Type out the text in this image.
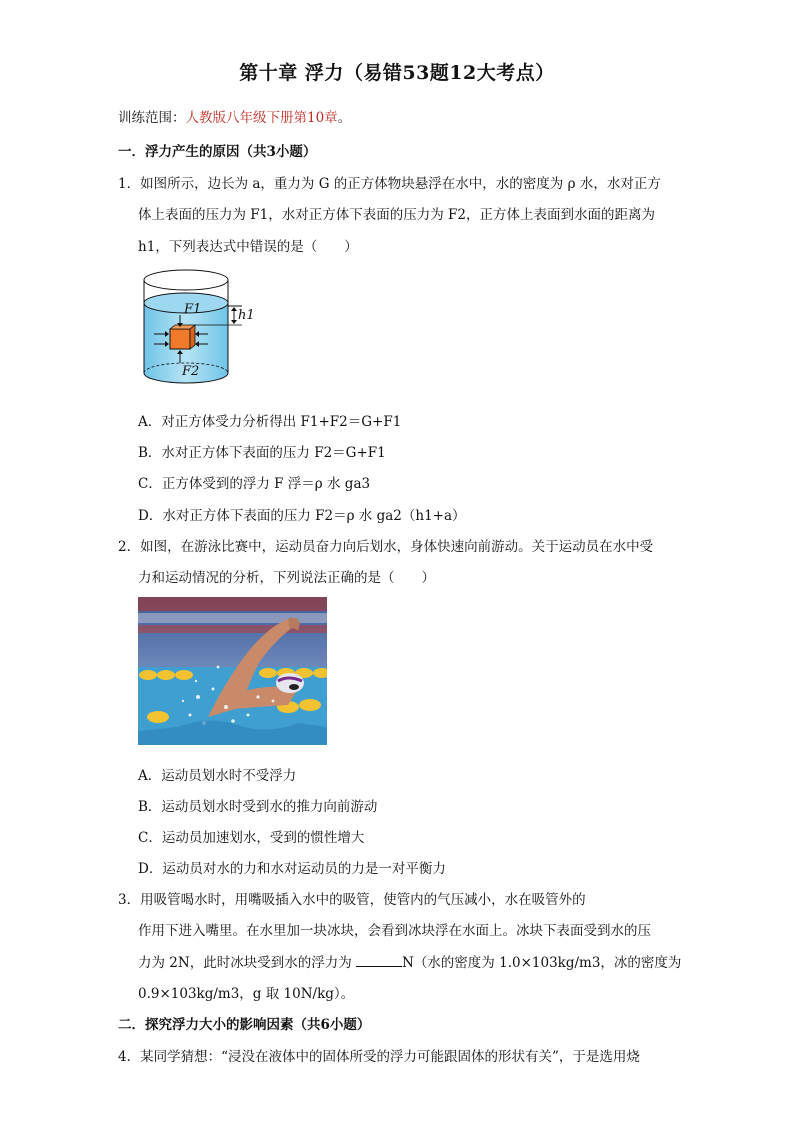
第十章 浮力（易错53题12大考点）
训练范围：人教版八年级下册第10章。
一．浮力产生的原因（共3小题）
1．如图所示，边长为 a，重力为 G 的正方体物块悬浮在水中，水的密度为 ρ 水，水对正方
体上表面的压力为 F1，水对正方体下表面的压力为 F2，正方体上表面到水面的距离为
h1，下列表达式中错误的是（　　）
F1
F2
h1
A．对正方体受力分析得出 F1+F2＝G+F1
B．水对正方体下表面的压力 F2＝G+F1
C．正方体受到的浮力 F 浮＝ρ 水 ga3
D．水对正方体下表面的压力 F2＝ρ 水 ga2（h1+a）
2．如图，在游泳比赛中，运动员奋力向后划水，身体快速向前游动。关于运动员在水中受
力和运动情况的分析，下列说法正确的是（　　）
A．运动员划水时不受浮力
B．运动员划水时受到水的推力向前游动
C．运动员加速划水，受到的惯性增大
D．运动员对水的力和水对运动员的力是一对平衡力
3．用吸管喝水时，用嘴吸插入水中的吸管，使管内的气压减小，水在吸管外的
作用下进入嘴里。在水里加一块冰块，会看到冰块浮在水面上。冰块下表面受到水的压
力为 2N，此时冰块受到水的浮力为	N（水的密度为 1.0×103kg/m3，冰的密度为
0.9×103kg/m3，g 取 10N/kg）。
二．探究浮力大小的影响因素（共6小题）
4．某同学猜想：“浸没在液体中的固体所受的浮力可能跟固体的形状有关”，于是选用烧
